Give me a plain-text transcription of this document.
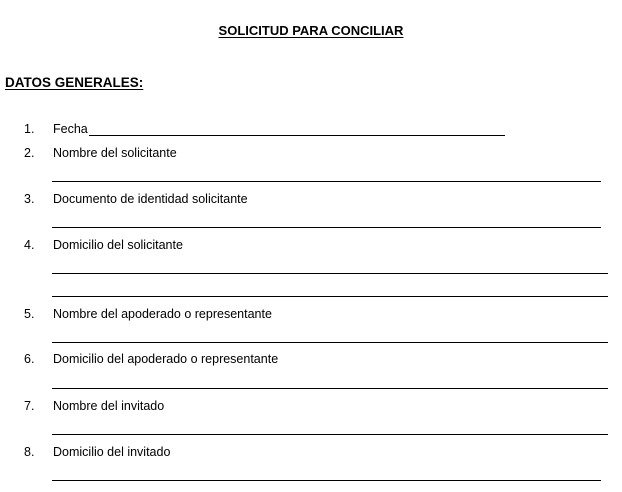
SOLICITUD PARA CONCILIAR
DATOS GENERALES:
1. Fecha
2. Nombre del solicitante
3. Documento de identidad solicitante
4. Domicilio del solicitante
5. Nombre del apoderado o representante
6. Domicilio del apoderado o representante
7. Nombre del invitado
8. Domicilio del invitado
